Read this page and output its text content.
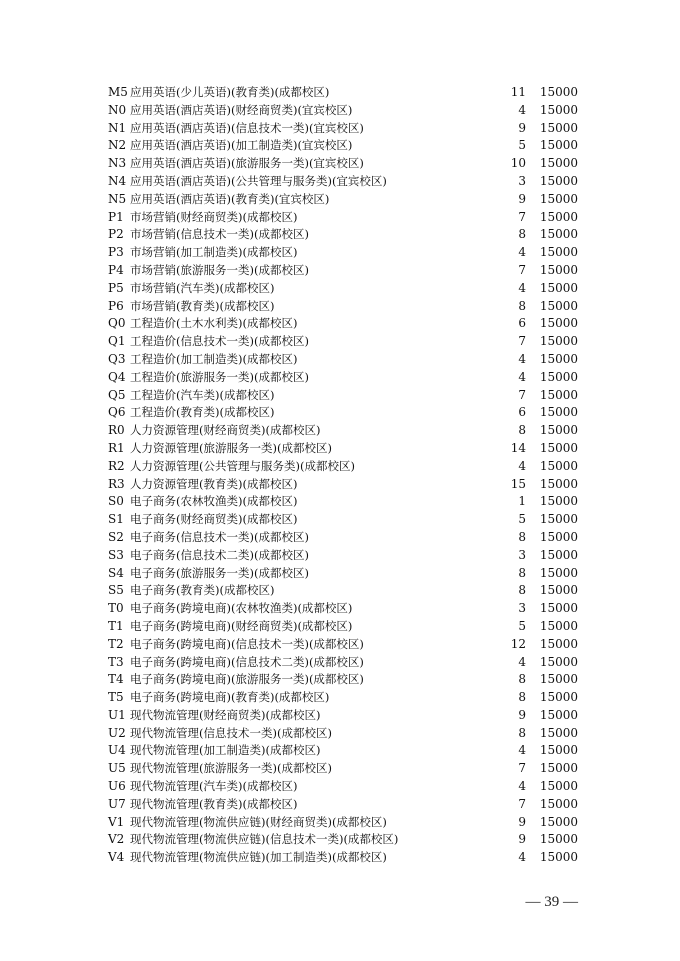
M5 应用英语(少儿英语)(教育类)(成都校区)	11	15000
N0 应用英语(酒店英语)(财经商贸类)(宜宾校区)	4	15000
N1 应用英语(酒店英语)(信息技术一类)(宜宾校区)	9	15000
N2 应用英语(酒店英语)(加工制造类)(宜宾校区)	5	15000
N3 应用英语(酒店英语)(旅游服务一类)(宜宾校区)	10	15000
N4 应用英语(酒店英语)(公共管理与服务类)(宜宾校区)	3	15000
N5 应用英语(酒店英语)(教育类)(宜宾校区)	9	15000
P1 市场营销(财经商贸类)(成都校区)	7	15000
P2 市场营销(信息技术一类)(成都校区)	8	15000
P3 市场营销(加工制造类)(成都校区)	4	15000
P4 市场营销(旅游服务一类)(成都校区)	7	15000
P5 市场营销(汽车类)(成都校区)	4	15000
P6 市场营销(教育类)(成都校区)	8	15000
Q0 工程造价(土木水利类)(成都校区)	6	15000
Q1 工程造价(信息技术一类)(成都校区)	7	15000
Q3 工程造价(加工制造类)(成都校区)	4	15000
Q4 工程造价(旅游服务一类)(成都校区)	4	15000
Q5 工程造价(汽车类)(成都校区)	7	15000
Q6 工程造价(教育类)(成都校区)	6	15000
R0 人力资源管理(财经商贸类)(成都校区)	8	15000
R1 人力资源管理(旅游服务一类)(成都校区)	14	15000
R2 人力资源管理(公共管理与服务类)(成都校区)	4	15000
R3 人力资源管理(教育类)(成都校区)	15	15000
S0 电子商务(农林牧渔类)(成都校区)	1	15000
S1 电子商务(财经商贸类)(成都校区)	5	15000
S2 电子商务(信息技术一类)(成都校区)	8	15000
S3 电子商务(信息技术二类)(成都校区)	3	15000
S4 电子商务(旅游服务一类)(成都校区)	8	15000
S5 电子商务(教育类)(成都校区)	8	15000
T0 电子商务(跨境电商)(农林牧渔类)(成都校区)	3	15000
T1 电子商务(跨境电商)(财经商贸类)(成都校区)	5	15000
T2 电子商务(跨境电商)(信息技术一类)(成都校区)	12	15000
T3 电子商务(跨境电商)(信息技术二类)(成都校区)	4	15000
T4 电子商务(跨境电商)(旅游服务一类)(成都校区)	8	15000
T5 电子商务(跨境电商)(教育类)(成都校区)	8	15000
U1 现代物流管理(财经商贸类)(成都校区)	9	15000
U2 现代物流管理(信息技术一类)(成都校区)	8	15000
U4 现代物流管理(加工制造类)(成都校区)	4	15000
U5 现代物流管理(旅游服务一类)(成都校区)	7	15000
U6 现代物流管理(汽车类)(成都校区)	4	15000
U7 现代物流管理(教育类)(成都校区)	7	15000
V1 现代物流管理(物流供应链)(财经商贸类)(成都校区)	9	15000
V2 现代物流管理(物流供应链)(信息技术一类)(成都校区)	9	15000
V4 现代物流管理(物流供应链)(加工制造类)(成都校区)	4	15000
— 39 —
